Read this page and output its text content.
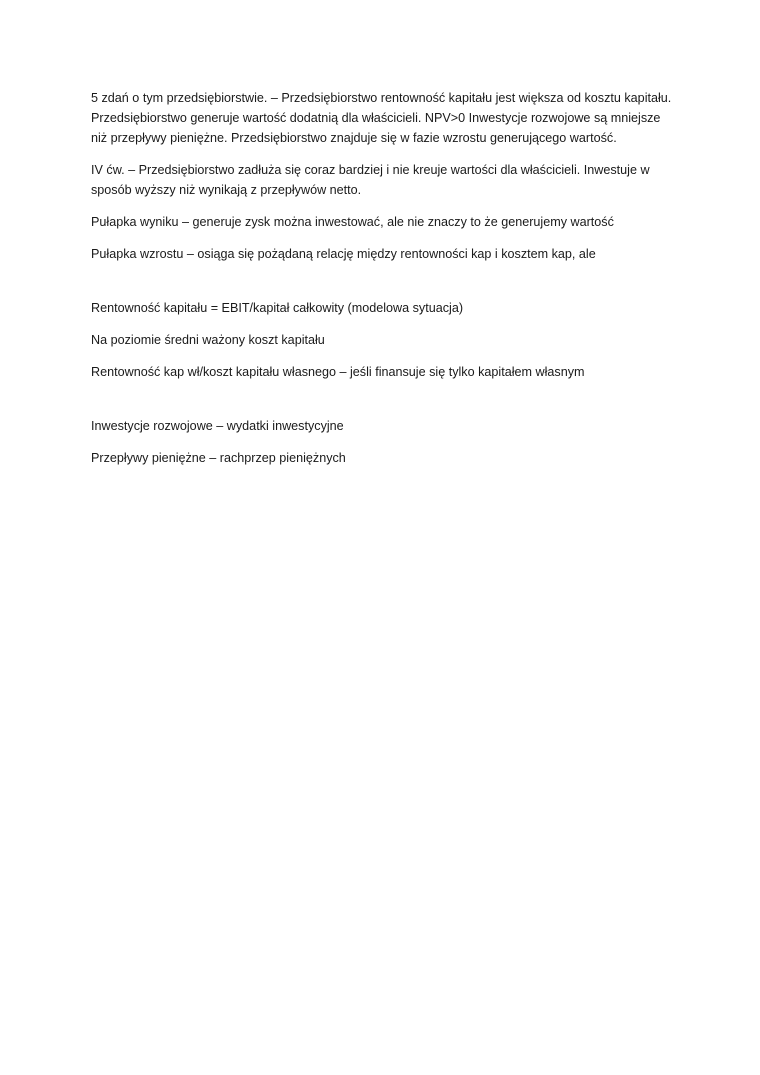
5 zdań o tym przedsiębiorstwie. – Przedsiębiorstwo rentowność kapitału jest większa od kosztu kapitału. Przedsiębiorstwo generuje wartość dodatnią dla właścicieli. NPV>0 Inwestycje rozwojowe są mniejsze niż przepływy pieniężne. Przedsiębiorstwo znajduje się w fazie wzrostu generującego wartość.

IV ćw. – Przedsiębiorstwo zadłuża się coraz bardziej i nie kreuje wartości dla właścicieli. Inwestuje w sposób wyższy niż wynikają z przepływów netto.

Pułapka wyniku – generuje zysk można inwestować, ale nie znaczy to że generujemy wartość

Pułapka wzrostu – osiąga się pożądaną relację między rentowności kap i kosztem kap, ale

Rentowność kapitału = EBIT/kapitał całkowity (modelowa sytuacja)

Na poziomie średni ważony koszt kapitału

Rentowność kap wł/koszt kapitału własnego – jeśli finansuje się tylko kapitałem własnym

Inwestycje rozwojowe – wydatki inwestycyjne

Przepływy pieniężne – rachprzep pieniężnych
